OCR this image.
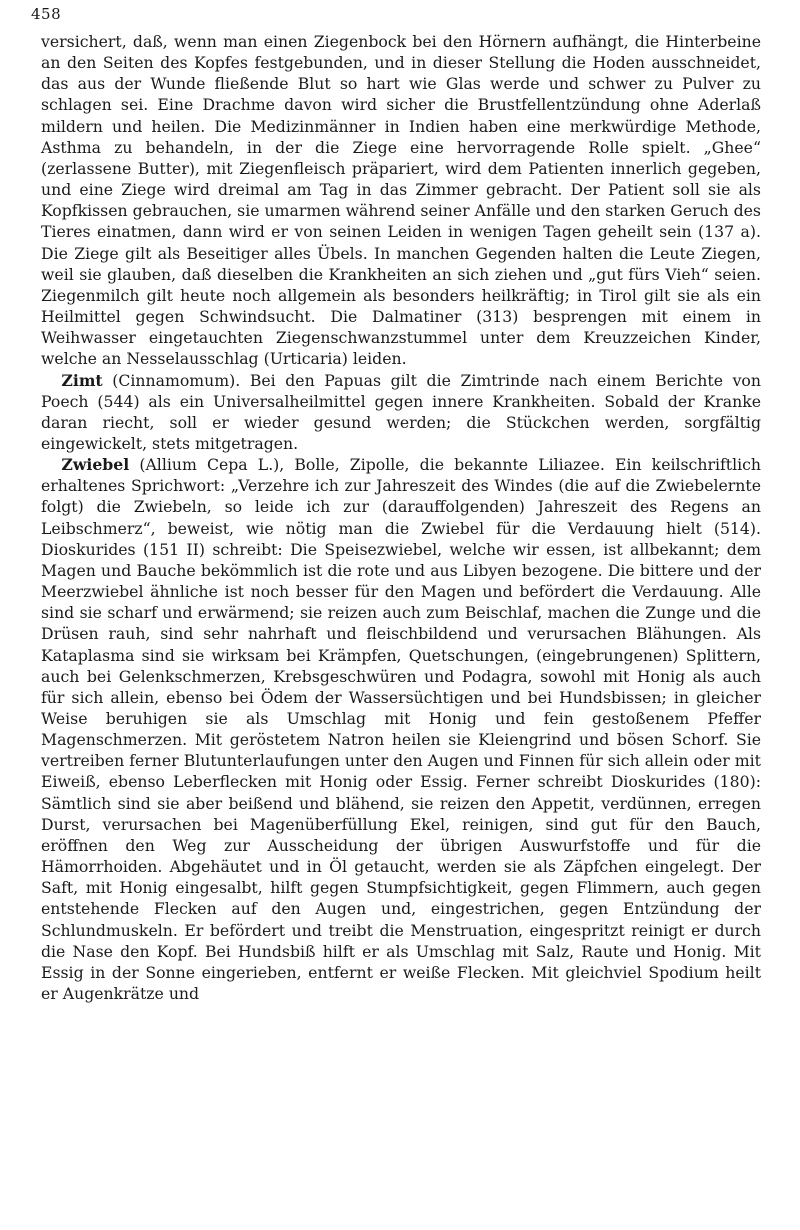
458

versichert, daß, wenn man einen Ziegenbock bei den Hörnern aufhängt, die Hinterbeine an den Seiten des Kopfes festgebunden, und in dieser Stellung die Hoden ausschneidet, das aus der Wunde fließende Blut so hart wie Glas werde und schwer zu Pulver zu schlagen sei. Eine Drachme davon wird sicher die Brustfellentzündung ohne Aderlaß mildern und heilen. Die Medizinmänner in Indien haben eine merkwürdige Methode, Asthma zu behandeln, in der die Ziege eine hervorragende Rolle spielt. „Ghee“ (zerlassene Butter), mit Ziegenfleisch präpariert, wird dem Patienten innerlich gegeben, und eine Ziege wird dreimal am Tag in das Zimmer gebracht. Der Patient soll sie als Kopfkissen gebrauchen, sie umarmen während seiner Anfälle und den starken Geruch des Tieres einatmen, dann wird er von seinen Leiden in wenigen Tagen geheilt sein (137 a). Die Ziege gilt als Beseitiger alles Übels. In manchen Gegenden halten die Leute Ziegen, weil sie glauben, daß dieselben die Krankheiten an sich ziehen und „gut fürs Vieh“ seien. Ziegenmilch gilt heute noch allgemein als besonders heilkräftig; in Tirol gilt sie als ein Heilmittel gegen Schwindsucht. Die Dalmatiner (313) besprengen mit einem in Weihwasser eingetauchten Ziegenschwanzstummel unter dem Kreuzzeichen Kinder, welche an Nesselausschlag (Urticaria) leiden.

Zimt (Cinnamomum). Bei den Papuas gilt die Zimtrinde nach einem Berichte von Poech (544) als ein Universalheilmittel gegen innere Krankheiten. Sobald der Kranke daran riecht, soll er wieder gesund werden; die Stückchen werden, sorgfältig eingewickelt, stets mitgetragen.

Zwiebel (Allium Cepa L.), Bolle, Zipolle, die bekannte Liliazee. Ein keilschriftlich erhaltenes Sprichwort: „Verzehre ich zur Jahreszeit des Windes (die auf die Zwiebelernte folgt) die Zwiebeln, so leide ich zur (darauffolgenden) Jahreszeit des Regens an Leibschmerz“, beweist, wie nötig man die Zwiebel für die Verdauung hielt (514). Dioskurides (151 II) schreibt: Die Speisezwiebel, welche wir essen, ist allbekannt; dem Magen und Bauche bekömmlich ist die rote und aus Libyen bezogene. Die bittere und der Meerzwiebel ähnliche ist noch besser für den Magen und befördert die Verdauung. Alle sind sie scharf und erwärmend; sie reizen auch zum Beischlaf, machen die Zunge und die Drüsen rauh, sind sehr nahrhaft und fleischbildend und verursachen Blähungen. Als Kataplasma sind sie wirksam bei Krämpfen, Quetschungen, (eingebrungenen) Splittern, auch bei Gelenkschmerzen, Krebsgeschwüren und Podagra, sowohl mit Honig als auch für sich allein, ebenso bei Ödem der Wassersüchtigen und bei Hundsbissen; in gleicher Weise beruhigen sie als Umschlag mit Honig und fein gestoßenem Pfeffer Magenschmerzen. Mit geröstetem Natron heilen sie Kleiengrind und bösen Schorf. Sie vertreiben ferner Blutunterlaufungen unter den Augen und Finnen für sich allein oder mit Eiweiß, ebenso Leberflecken mit Honig oder Essig. Ferner schreibt Dioskurides (180): Sämtlich sind sie aber beißend und blähend, sie reizen den Appetit, verdünnen, erregen Durst, verursachen bei Magenüberfüllung Ekel, reinigen, sind gut für den Bauch, eröffnen den Weg zur Ausscheidung der übrigen Auswurfstoffe und für die Hämorrhoiden. Abgehäutet und in Öl getaucht, werden sie als Zäpfchen eingelegt. Der Saft, mit Honig eingesalbt, hilft gegen Stumpfsichtigkeit, gegen Flimmern, auch gegen entstehende Flecken auf den Augen und, eingestrichen, gegen Entzündung der Schlundmuskeln. Er befördert und treibt die Menstruation, eingespritzt reinigt er durch die Nase den Kopf. Bei Hundsbiß hilft er als Umschlag mit Salz, Raute und Honig. Mit Essig in der Sonne eingerieben, entfernt er weiße Flecken. Mit gleichviel Spodium heilt er Augenkrätze und
